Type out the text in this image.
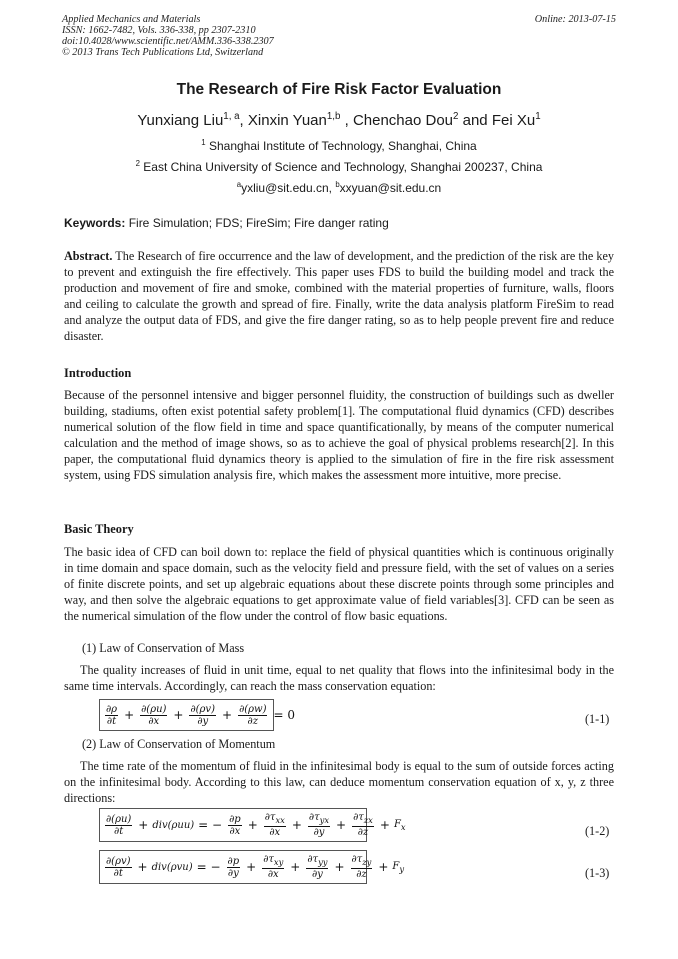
Applied Mechanics and Materials
ISSN: 1662-7482, Vols. 336-338, pp 2307-2310
doi:10.4028/www.scientific.net/AMM.336-338.2307
© 2013 Trans Tech Publications Ltd, Switzerland
Online: 2013-07-15
The Research of Fire Risk Factor Evaluation
Yunxiang Liu$^{1, a}$, Xinxin Yuan$^{1,b}$ , Chenchao Dou$^2$ and Fei Xu$^1$
$^1$ Shanghai Institute of Technology, Shanghai, China
$^2$ East China University of Science and Technology, Shanghai 200237, China
$^a$yxliu@sit.edu.cn, $^b$xxyuan@sit.edu.cn
Keywords: Fire Simulation; FDS; FireSim; Fire danger rating
Abstract. The Research of fire occurrence and the law of development, and the prediction of the risk are the key to prevent and extinguish the fire effectively. This paper uses FDS to build the building model and track the production and movement of fire and smoke, combined with the material properties of furniture, walls, floors and ceiling to calculate the growth and spread of fire. Finally, write the data analysis platform FireSim to read and analyze the output data of FDS, and give the fire danger rating, so as to help people prevent fire and reduce disaster.
Introduction
Because of the personnel intensive and bigger personnel fluidity, the construction of buildings such as dweller building, stadiums, often exist potential safety problem[1]. The computational fluid dynamics (CFD) describes numerical solution of the flow field in time and space quantificationally, by means of the computer numerical calculation and the method of image shows, so as to achieve the goal of physical problems research[2]. In this paper, the computational fluid dynamics theory is applied to the simulation of fire in the fire risk assessment system, using FDS simulation analysis fire, which makes the assessment more intuitive, more precise.
Basic Theory
The basic idea of CFD can boil down to: replace the field of physical quantities which is continuous originally in time domain and space domain, such as the velocity field and pressure field, with the set of values on a series of finite discrete points, and set up algebraic equations about these discrete points through some principles and way, and then solve the algebraic equations to get approximate value of field variables[3]. CFD can be seen as the numerical simulation of the flow under the control of flow basic equations.
(1) Law of Conservation of Mass
The quality increases of fluid in unit time, equal to net quality that flows into the infinitesimal body in the same time intervals. Accordingly, can reach the mass conservation equation:
$\frac{\partial\rho}{\partial t} + \frac{\partial(\rho u)}{\partial x} + \frac{\partial(\rho v)}{\partial y} + \frac{\partial(\rho w)}{\partial z} = 0$	(1-1)
(2) Law of Conservation of Momentum
The time rate of the momentum of fluid in the infinitesimal body is equal to the sum of outside forces acting on the infinitesimal body. According to this law, can deduce momentum conservation equation of x, y, z three directions:
$\frac{\partial(\rho u)}{\partial t} + div(\rho uu)$ = − $\frac{\partial p}{\partial x} + \frac{\partial\tau_{xx}}{\partial x} + \frac{\partial\tau_{yx}}{\partial y} + \frac{\partial\tau_{zx}}{\partial z} + F_x$	(1-2)
$\frac{\partial(\rho v)}{\partial t} + div(\rho vu)$ = − $\frac{\partial p}{\partial y} + \frac{\partial\tau_{xy}}{\partial x} + \frac{\partial\tau_{yy}}{\partial y} + \frac{\partial\tau_{zy}}{\partial z} + F_y$	(1-3)
